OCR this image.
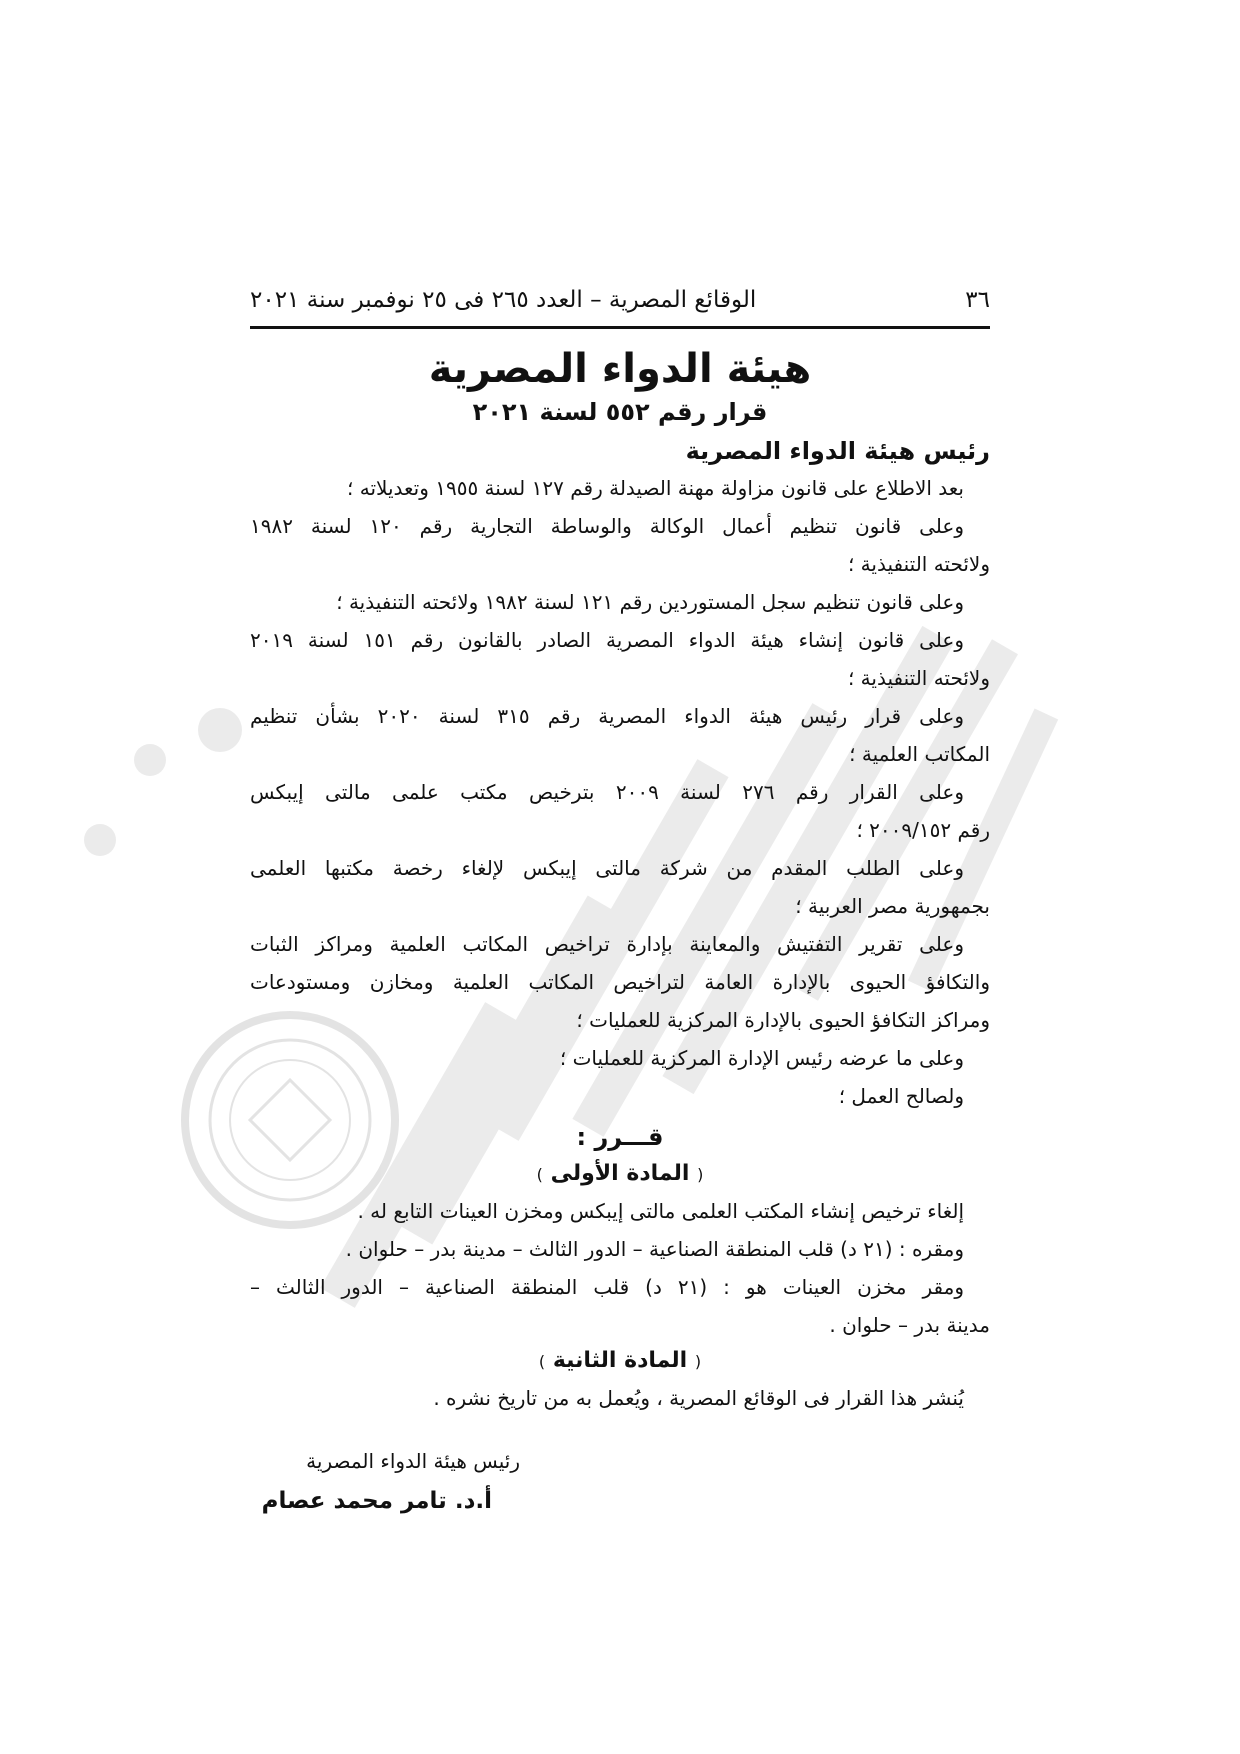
٣٦
الوقائع المصرية – العدد ٢٦٥ فى ٢٥ نوفمبر سنة ٢٠٢١
هيئة الدواء المصرية
قرار رقم ٥٥٢ لسنة ٢٠٢١
رئيس هيئة الدواء المصرية
بعد الاطلاع على قانون مزاولة مهنة الصيدلة رقم ١٢٧ لسنة ١٩٥٥ وتعديلاته ؛
وعلى قانون تنظيم أعمال الوكالة والوساطة التجارية رقم ١٢٠ لسنة ١٩٨٢
ولائحته التنفيذية ؛
وعلى قانون تنظيم سجل المستوردين رقم ١٢١ لسنة ١٩٨٢ ولائحته التنفيذية ؛
وعلى قانون إنشاء هيئة الدواء المصرية الصادر بالقانون رقم ١٥١ لسنة ٢٠١٩
ولائحته التنفيذية ؛
وعلى قرار رئيس هيئة الدواء المصرية رقم ٣١٥ لسنة ٢٠٢٠ بشأن تنظيم
المكاتب العلمية ؛
وعلى القرار رقم ٢٧٦ لسنة ٢٠٠٩ بترخيص مكتب علمى مالتى إيبكس
رقم ٢٠٠٩/١٥٢ ؛
وعلى الطلب المقدم من شركة مالتى إيبكس لإلغاء رخصة مكتبها العلمى
بجمهورية مصر العربية ؛
وعلى تقرير التفتيش والمعاينة بإدارة تراخيص المكاتب العلمية ومراكز الثبات
والتكافؤ الحيوى بالإدارة العامة لتراخيص المكاتب العلمية ومخازن ومستودعات
ومراكز التكافؤ الحيوى بالإدارة المركزية للعمليات ؛
وعلى ما عرضه رئيس الإدارة المركزية للعمليات ؛
ولصالح العمل ؛
قـــرر :
( المادة الأولى )
إلغاء ترخيص إنشاء المكتب العلمى مالتى إيبكس ومخزن العينات التابع له .
ومقره : (٢١ د) قلب المنطقة الصناعية – الدور الثالث – مدينة بدر – حلوان .
ومقر مخزن العينات هو : (٢١ د) قلب المنطقة الصناعية – الدور الثالث –
مدينة بدر – حلوان .
( المادة الثانية )
يُنشر هذا القرار فى الوقائع المصرية ، ويُعمل به من تاريخ نشره .
رئيس هيئة الدواء المصرية
أ.د. تامر محمد عصام
